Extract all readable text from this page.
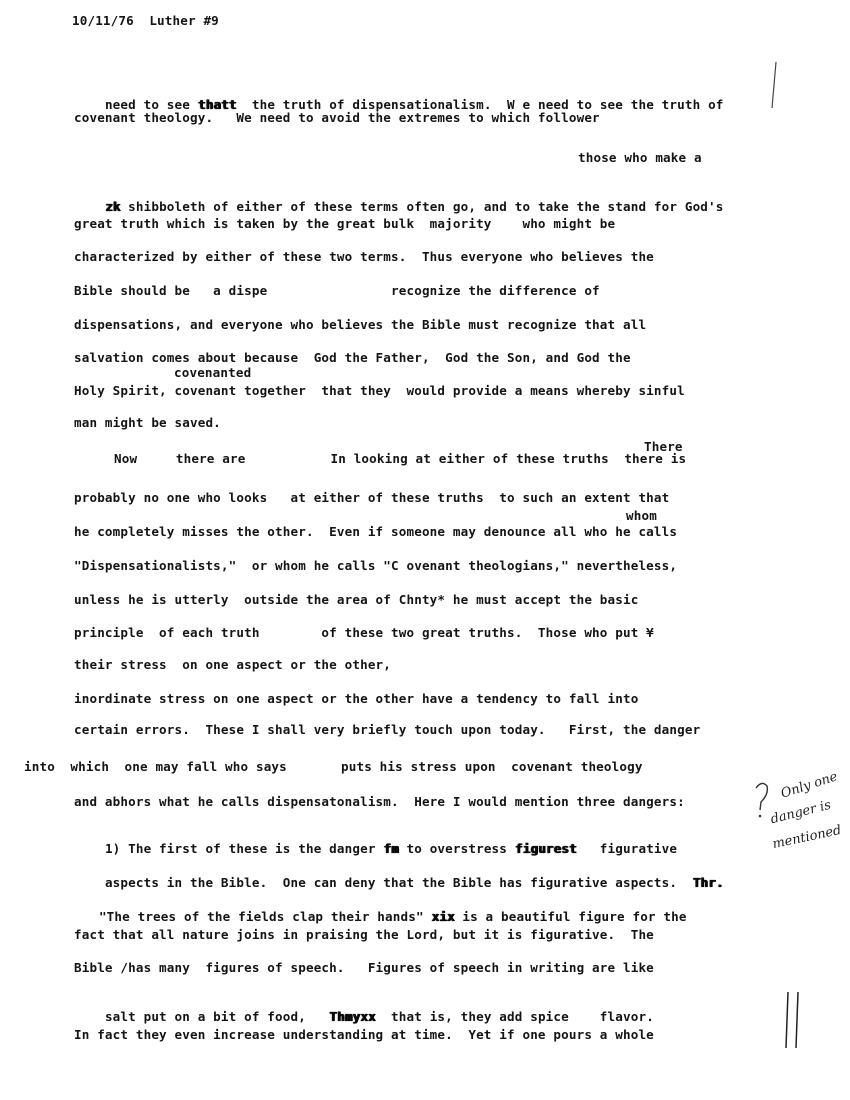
10/11/76  Luther #9

need to see thatt  the truth of dispensationalism.  W e need to see the truth of

covenant theology.   We need to avoid the extremes to which follower
those who make a

zk shibboleth of either of these terms often go, and to take the stand for God's

great truth which is taken by the great bulk  majority    who might be
characterized by either of these two terms.  Thus everyone who believes the
Bible should be   a dispe                recognize the difference of
dispensations, and everyone who believes the Bible must recognize that all
salvation comes about because  God the Father,  God the Son, and God the
covenanted
Holy Spirit, covenant together  that they  would provide a means whereby sinful
man might be saved.
There
Now     there are           In looking at either of these truths  there is
probably no one who looks   at either of these truths  to such an extent that
whom
he completely misses the other.  Even if someone may denounce all who he calls
"Dispensationalists,"  or whom he calls "C ovenant theologians," nevertheless,
unless he is utterly  outside the area of Chnty* he must accept the basic
principle  of each truth        of these two great truths.  Those who put ¥
their stress  on one aspect or the other,
inordinate stress on one aspect or the other have a tendency to fall into
certain errors.  These I shall very briefly touch upon today.   First, the danger
into  which  one may fall who says       puts his stress upon  covenant theology
and abhors what he calls dispensatonalism.  Here I would mention three dangers:

1) The first of these is the danger fm to overstress figurest   figurative

aspects in the Bible.  One can deny that the Bible has figurative aspects.  Thr.

"The trees of the fields clap their hands" xix is a beautiful figure for the

fact that all nature joins in praising the Lord, but it is figurative.  The
Bible /has many  figures of speech.   Figures of speech in writing are like

salt put on a bit of food,   Thmyxx  that is, they add spice    flavor.

In fact they even increase understanding at time.  Yet if one pours a whole
Only one
danger is
mentioned
